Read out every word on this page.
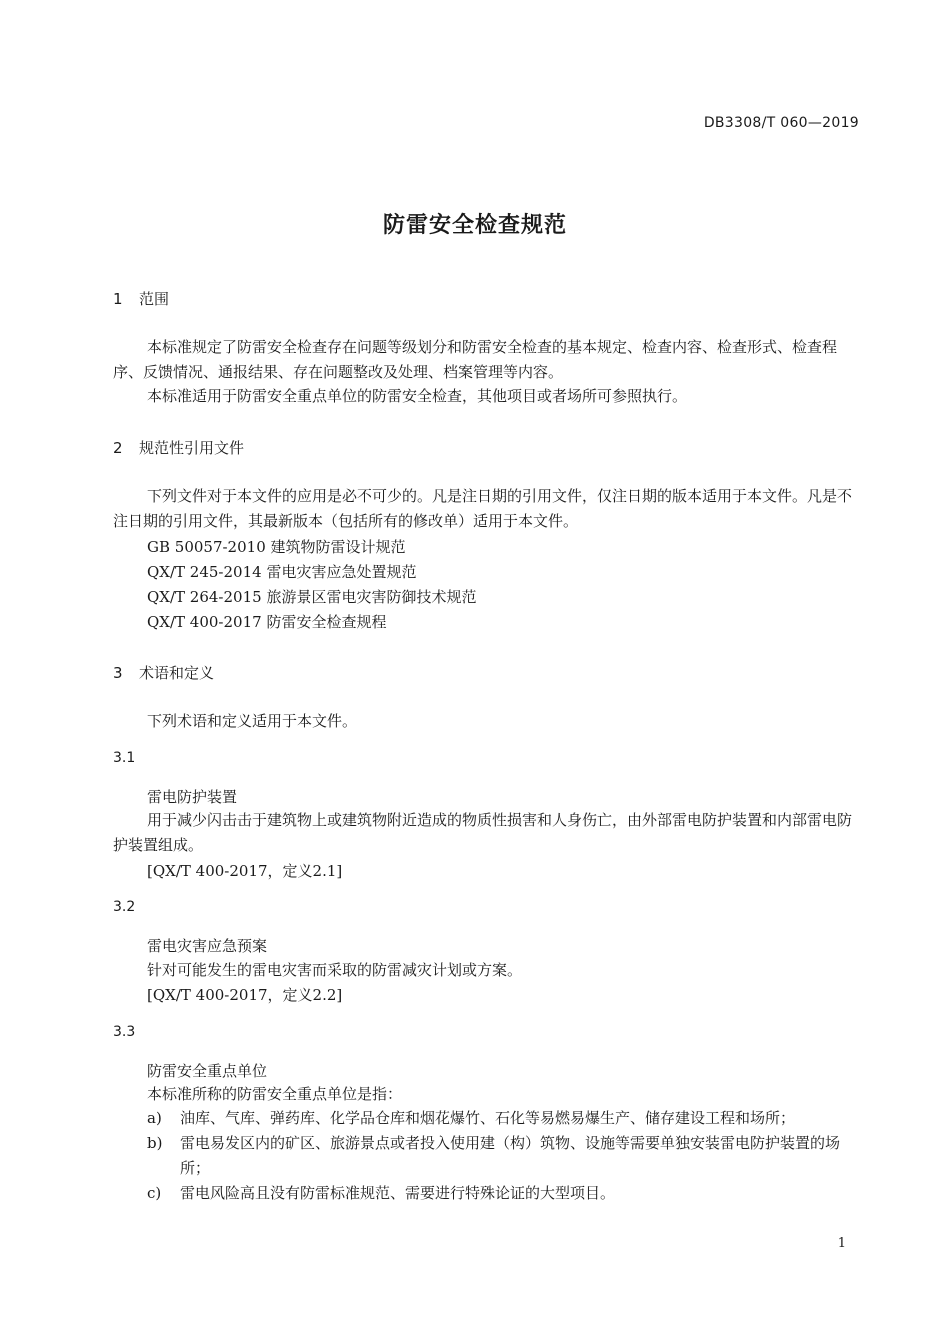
DB3308/T 060—2019
防雷安全检查规范
1 范围
本标准规定了防雷安全检查存在问题等级划分和防雷安全检查的基本规定、检查内容、检查形式、检查程序、反馈情况、通报结果、存在问题整改及处理、档案管理等内容。
本标准适用于防雷安全重点单位的防雷安全检查，其他项目或者场所可参照执行。
2 规范性引用文件
下列文件对于本文件的应用是必不可少的。凡是注日期的引用文件，仅注日期的版本适用于本文件。凡是不注日期的引用文件，其最新版本（包括所有的修改单）适用于本文件。
GB 50057-2010 建筑物防雷设计规范
QX/T 245-2014 雷电灾害应急处置规范
QX/T 264-2015 旅游景区雷电灾害防御技术规范
QX/T 400-2017 防雷安全检查规程
3 术语和定义
下列术语和定义适用于本文件。
3.1
雷电防护装置
用于减少闪击击于建筑物上或建筑物附近造成的物质性损害和人身伤亡，由外部雷电防护装置和内部雷电防护装置组成。
[QX/T 400-2017，定义2.1]
3.2
雷电灾害应急预案
针对可能发生的雷电灾害而采取的防雷减灾计划或方案。
[QX/T 400-2017，定义2.2]
3.3
防雷安全重点单位
本标准所称的防雷安全重点单位是指：
a) 油库、气库、弹药库、化学品仓库和烟花爆竹、石化等易燃易爆生产、储存建设工程和场所；
b) 雷电易发区内的矿区、旅游景点或者投入使用建（构）筑物、设施等需要单独安装雷电防护装置的场所；
c) 雷电风险高且没有防雷标准规范、需要进行特殊论证的大型项目。
1
